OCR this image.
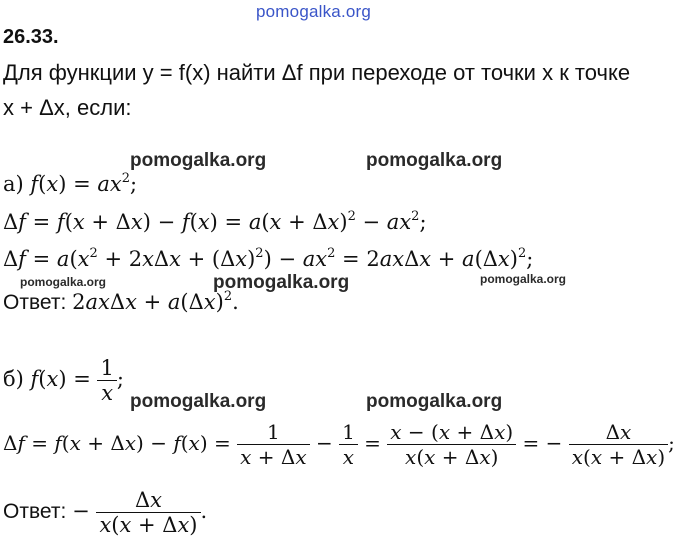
pomogalka.org
26.33.
Для функции y = f(x) найти Δf при переходе от точки x к точке
x + Δx, если:
pomogalka.org	pomogalka.org
а) $f(x) = ax^2$;
$\Delta f = f(x + \Delta x) - f(x) = a(x + \Delta x)^2 - ax^2$;
$\Delta f = a(x^2 + 2x\Delta x + (\Delta x)^2) - ax^2 = 2ax\Delta x + a(\Delta x)^2$;
pomogalka.org	pomogalka.org	pomogalka.org
Ответ: $2ax\Delta x + a(\Delta x)^2$.
б) $f(x) = \frac{1}{x}$ ;
pomogalka.org	pomogalka.org
$\Delta f = f(x + \Delta x) - f(x) = \frac{1}{x + \Delta x} - \frac{1}{x} = \frac{x - (x + \Delta x)}{x(x + \Delta x)}$ = − $\frac{\Delta x}{x(x + \Delta x)}$ ;
Ответ: − $\frac{\Delta x}{x(x + \Delta x)}$ .
